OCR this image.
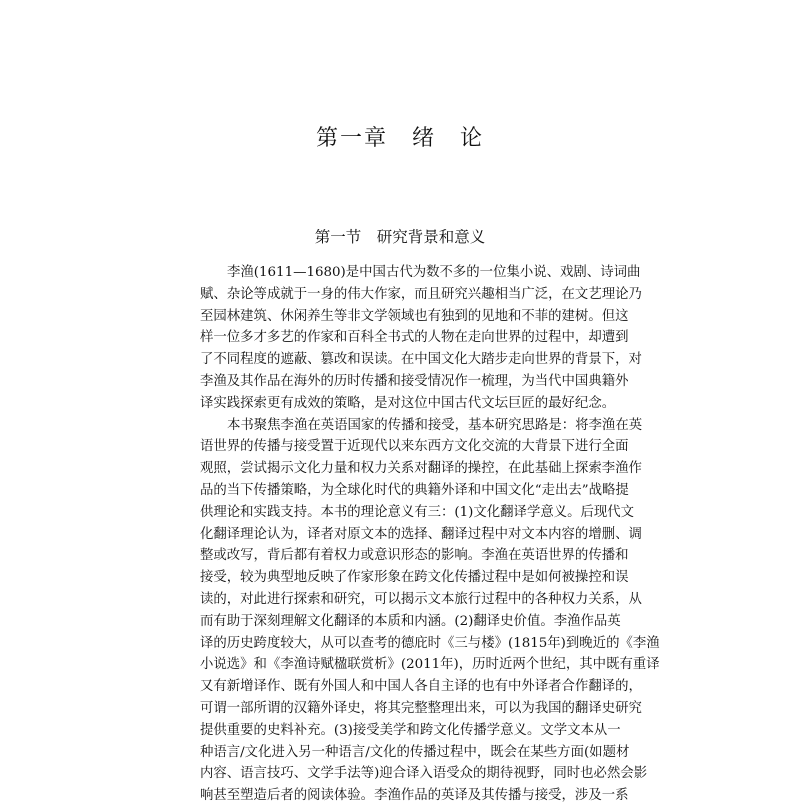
第一章　绪　论
第一节　研究背景和意义
李渔(1611—1680)是中国古代为数不多的一位集小说、戏剧、诗词曲
赋、杂论等成就于一身的伟大作家，而且研究兴趣相当广泛，在文艺理论乃
至园林建筑、休闲养生等非文学领域也有独到的见地和不菲的建树。但这
样一位多才多艺的作家和百科全书式的人物在走向世界的过程中，却遭到
了不同程度的遮蔽、篡改和误读。在中国文化大踏步走向世界的背景下，对
李渔及其作品在海外的历时传播和接受情况作一梳理，为当代中国典籍外
译实践探索更有成效的策略，是对这位中国古代文坛巨匠的最好纪念。
本书聚焦李渔在英语国家的传播和接受，基本研究思路是：将李渔在英
语世界的传播与接受置于近现代以来东西方文化交流的大背景下进行全面
观照，尝试揭示文化力量和权力关系对翻译的操控，在此基础上探索李渔作
品的当下传播策略，为全球化时代的典籍外译和中国文化“走出去”战略提
供理论和实践支持。本书的理论意义有三：(1)文化翻译学意义。后现代文
化翻译理论认为，译者对原文本的选择、翻译过程中对文本内容的增删、调
整或改写，背后都有着权力或意识形态的影响。李渔在英语世界的传播和
接受，较为典型地反映了作家形象在跨文化传播过程中是如何被操控和误
读的，对此进行探索和研究，可以揭示文本旅行过程中的各种权力关系，从
而有助于深刻理解文化翻译的本质和内涵。(2)翻译史价值。李渔作品英
译的历史跨度较大，从可以查考的德庇时《三与楼》(1815年)到晚近的《李渔
小说选》和《李渔诗赋楹联赏析》(2011年)，历时近两个世纪，其中既有重译
又有新增译作、既有外国人和中国人各自主译的也有中外译者合作翻译的，
可谓一部所谓的汉籍外译史，将其完整整理出来，可以为我国的翻译史研究
提供重要的史料补充。(3)接受美学和跨文化传播学意义。文学文本从一
种语言/文化进入另一种语言/文化的传播过程中，既会在某些方面(如题材
内容、语言技巧、文学手法等)迎合译入语受众的期待视野，同时也必然会影
响甚至塑造后者的阅读体验。李渔作品的英译及其传播与接受，涉及一系
